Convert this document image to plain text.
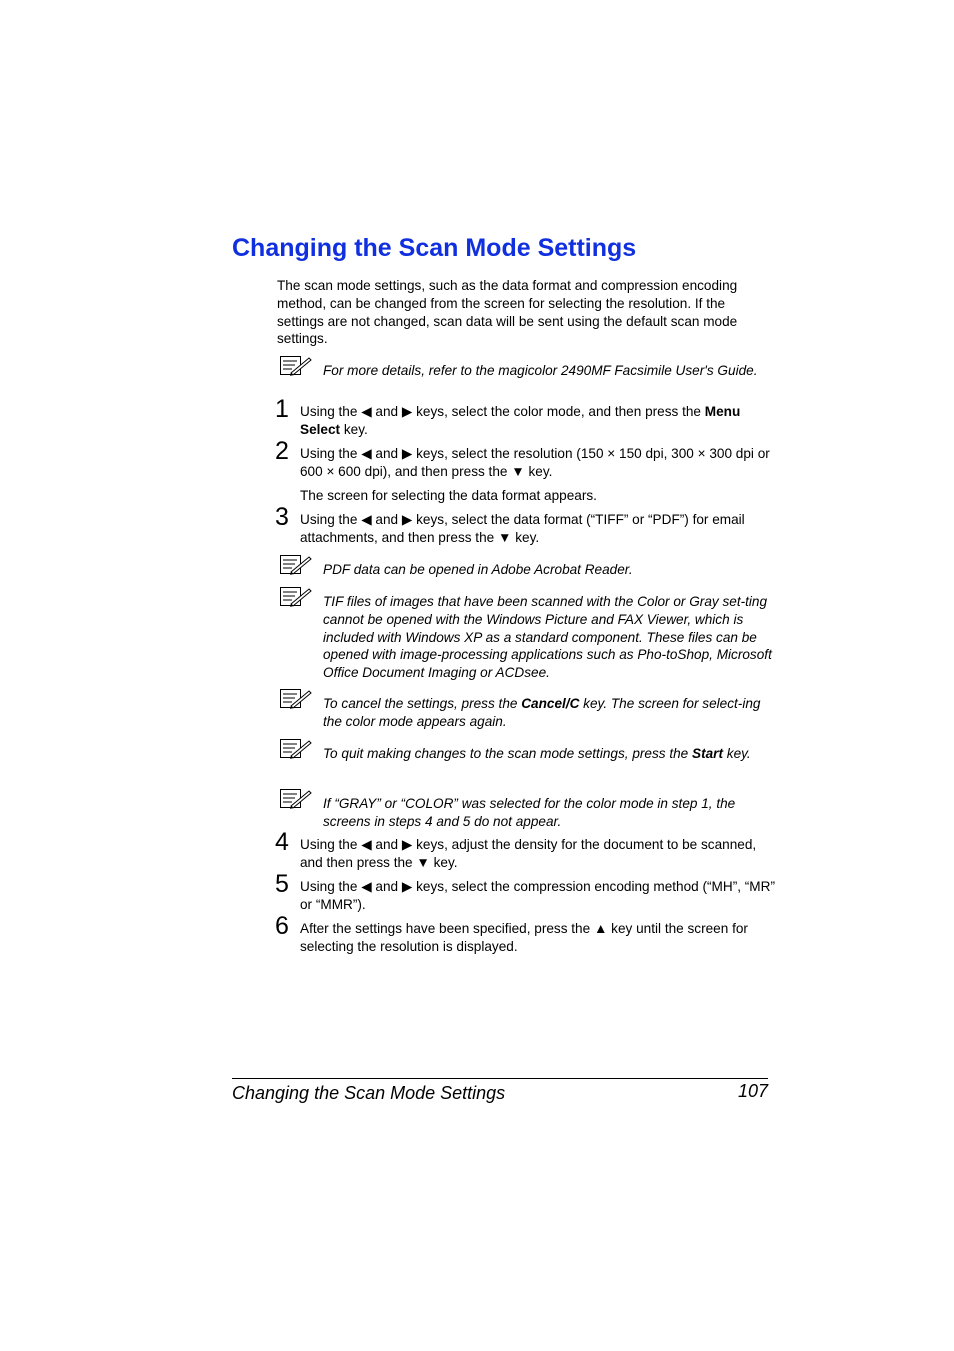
Changing the Scan Mode Settings

The scan mode settings, such as the data format and compression encoding method, can be changed from the screen for selecting the resolution. If the settings are not changed, scan data will be sent using the default scan mode settings.

For more details, refer to the magicolor 2490MF Facsimile User's Guide.

1 Using the ◀ and ▶ keys, select the color mode, and then press the Menu Select key.

2 Using the ◀ and ▶ keys, select the resolution (150 × 150 dpi, 300 × 300 dpi or 600 × 600 dpi), and then press the ▼ key.

The screen for selecting the data format appears.

3 Using the ◀ and ▶ keys, select the data format (“TIFF” or “PDF”) for email attachments, and then press the ▼ key.

PDF data can be opened in Adobe Acrobat Reader.

TIF files of images that have been scanned with the Color or Gray set-ting cannot be opened with the Windows Picture and FAX Viewer, which is included with Windows XP as a standard component. These files can be opened with image-processing applications such as Pho-toShop, Microsoft Office Document Imaging or ACDsee.

To cancel the settings, press the Cancel/C key. The screen for select-ing the color mode appears again.

To quit making changes to the scan mode settings, press the Start key.

If “GRAY” or “COLOR” was selected for the color mode in step 1, the screens in steps 4 and 5 do not appear.

4 Using the ◀ and ▶ keys, adjust the density for the document to be scanned, and then press the ▼ key.

5 Using the ◀ and ▶ keys, select the compression encoding method (“MH”, “MR” or “MMR”).

6 After the settings have been specified, press the ▲ key until the screen for selecting the resolution is displayed.

Changing the Scan Mode Settings	107
